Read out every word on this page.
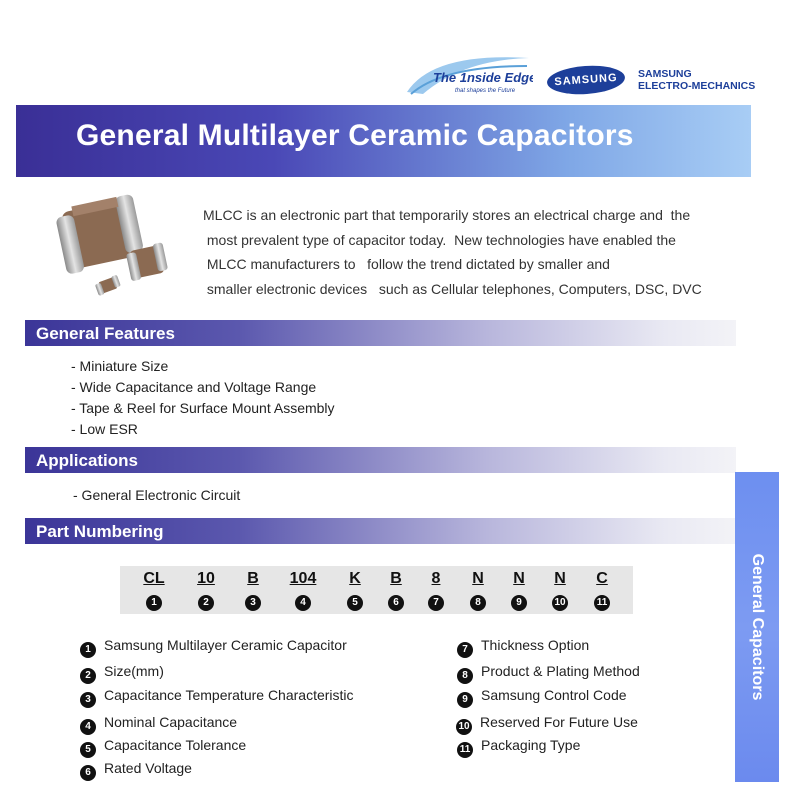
The 1nside Edge
that shapes the Future
SAMSUNG SAMSUNG
ELECTRO-MECHANICS
General Multilayer Ceramic Capacitors
MLCC is an electronic part that temporarily stores an electrical charge and  the
most prevalent type of capacitor today.  New technologies have enabled the
MLCC manufacturers to   follow the trend dictated by smaller and
smaller electronic devices   such as Cellular telephones, Computers, DSC, DVC
General Features
- Miniature Size
- Wide Capacitance and Voltage Range
- Tape & Reel for Surface Mount Assembly
- Low ESR
Applications
- General Electronic Circuit
Part Numbering
CL	10	B	104	K	B	8	N	N	N	C
1	2	3	4	5	6	7	8	9	10	11
1 Samsung Multilayer Ceramic Capacitor
2 Size(mm)
3 Capacitance Temperature Characteristic
4 Nominal Capacitance
5 Capacitance Tolerance
6 Rated Voltage
7 Thickness Option
8 Product & Plating Method
9 Samsung Control Code
10 Reserved For Future Use
11 Packaging Type
General Capacitors
